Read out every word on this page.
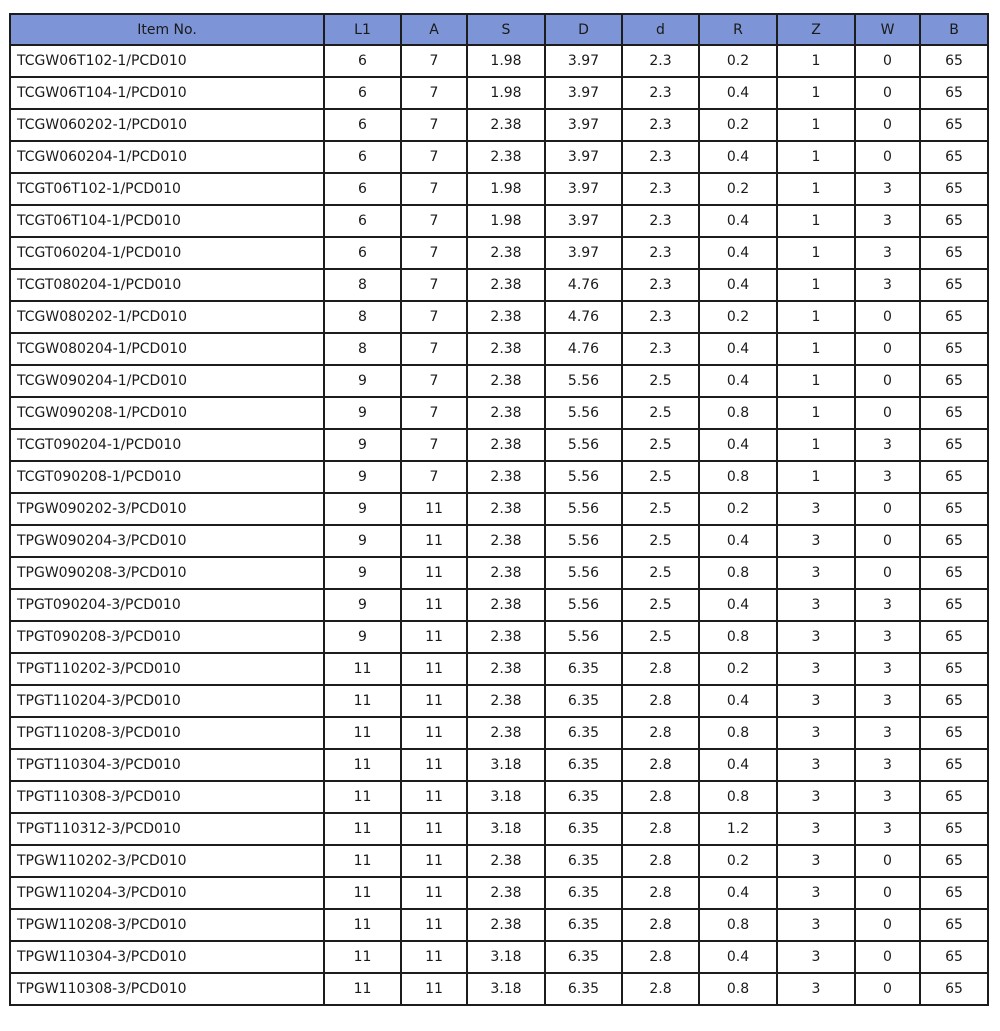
Item No.	L1	A	S	D	d	R	Z	W	B
TCGW06T102-1/PCD010	6	7	1.98	3.97	2.3	0.2	1	0	65
TCGW06T104-1/PCD010	6	7	1.98	3.97	2.3	0.4	1	0	65
TCGW060202-1/PCD010	6	7	2.38	3.97	2.3	0.2	1	0	65
TCGW060204-1/PCD010	6	7	2.38	3.97	2.3	0.4	1	0	65
TCGT06T102-1/PCD010	6	7	1.98	3.97	2.3	0.2	1	3	65
TCGT06T104-1/PCD010	6	7	1.98	3.97	2.3	0.4	1	3	65
TCGT060204-1/PCD010	6	7	2.38	3.97	2.3	0.4	1	3	65
TCGT080204-1/PCD010	8	7	2.38	4.76	2.3	0.4	1	3	65
TCGW080202-1/PCD010	8	7	2.38	4.76	2.3	0.2	1	0	65
TCGW080204-1/PCD010	8	7	2.38	4.76	2.3	0.4	1	0	65
TCGW090204-1/PCD010	9	7	2.38	5.56	2.5	0.4	1	0	65
TCGW090208-1/PCD010	9	7	2.38	5.56	2.5	0.8	1	0	65
TCGT090204-1/PCD010	9	7	2.38	5.56	2.5	0.4	1	3	65
TCGT090208-1/PCD010	9	7	2.38	5.56	2.5	0.8	1	3	65
TPGW090202-3/PCD010	9	11	2.38	5.56	2.5	0.2	3	0	65
TPGW090204-3/PCD010	9	11	2.38	5.56	2.5	0.4	3	0	65
TPGW090208-3/PCD010	9	11	2.38	5.56	2.5	0.8	3	0	65
TPGT090204-3/PCD010	9	11	2.38	5.56	2.5	0.4	3	3	65
TPGT090208-3/PCD010	9	11	2.38	5.56	2.5	0.8	3	3	65
TPGT110202-3/PCD010	11	11	2.38	6.35	2.8	0.2	3	3	65
TPGT110204-3/PCD010	11	11	2.38	6.35	2.8	0.4	3	3	65
TPGT110208-3/PCD010	11	11	2.38	6.35	2.8	0.8	3	3	65
TPGT110304-3/PCD010	11	11	3.18	6.35	2.8	0.4	3	3	65
TPGT110308-3/PCD010	11	11	3.18	6.35	2.8	0.8	3	3	65
TPGT110312-3/PCD010	11	11	3.18	6.35	2.8	1.2	3	3	65
TPGW110202-3/PCD010	11	11	2.38	6.35	2.8	0.2	3	0	65
TPGW110204-3/PCD010	11	11	2.38	6.35	2.8	0.4	3	0	65
TPGW110208-3/PCD010	11	11	2.38	6.35	2.8	0.8	3	0	65
TPGW110304-3/PCD010	11	11	3.18	6.35	2.8	0.4	3	0	65
TPGW110308-3/PCD010	11	11	3.18	6.35	2.8	0.8	3	0	65
